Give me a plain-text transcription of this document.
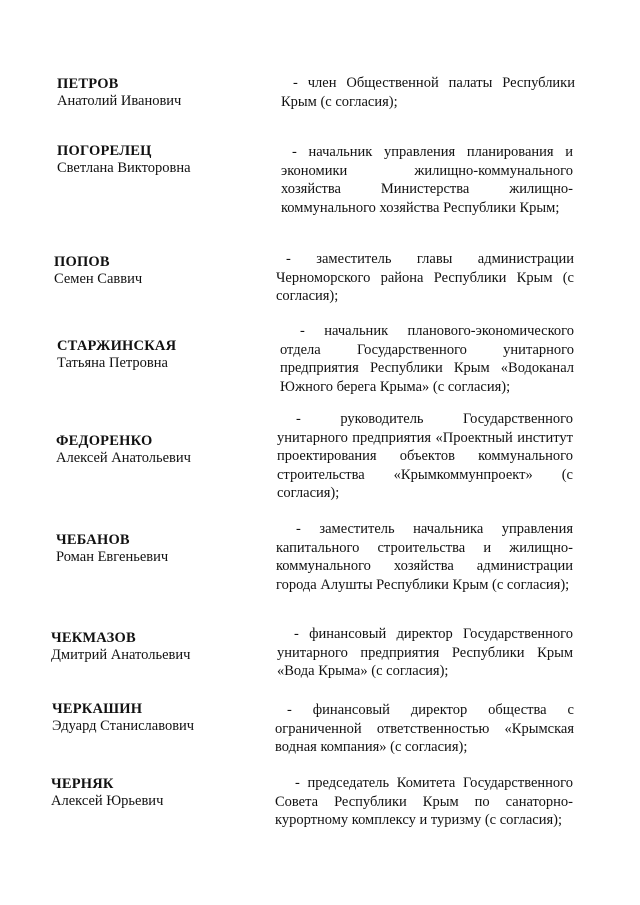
ПЕТРОВ
Анатолий Иванович
- член Общественной палаты Республики Крым (с согласия);
ПОГОРЕЛЕЦ
Светлана Викторовна
- начальник управления планирования и экономики жилищно-коммунального хозяйства Министерства жилищно-коммунального хозяйства Республики Крым;
ПОПОВ
Семен Саввич
- заместитель главы администрации Черноморского района Республики Крым (с согласия);
СТАРЖИНСКАЯ
Татьяна Петровна
- начальник планового-экономического отдела Государственного унитарного предприятия Республики Крым «Водоканал Южного берега Крыма» (с согласия);
ФЕДОРЕНКО
Алексей Анатольевич
- руководитель Государственного унитарного предприятия «Проектный институт проектирования объектов коммунального строительства «Крымкоммунпроект» (с согласия);
ЧЕБАНОВ
Роман Евгеньевич
- заместитель начальника управления капитального строительства и жилищно-коммунального хозяйства администрации города Алушты Республики Крым (с согласия);
ЧЕКМАЗОВ
Дмитрий Анатольевич
- финансовый директор Государственного унитарного предприятия Республики Крым «Вода Крыма» (с согласия);
ЧЕРКАШИН
Эдуард Станиславович
- финансовый директор общества с ограниченной ответственностью «Крымская водная компания» (с согласия);
ЧЕРНЯК
Алексей Юрьевич
- председатель Комитета Государственного Совета Республики Крым по санаторно-курортному комплексу и туризму (с согласия);
